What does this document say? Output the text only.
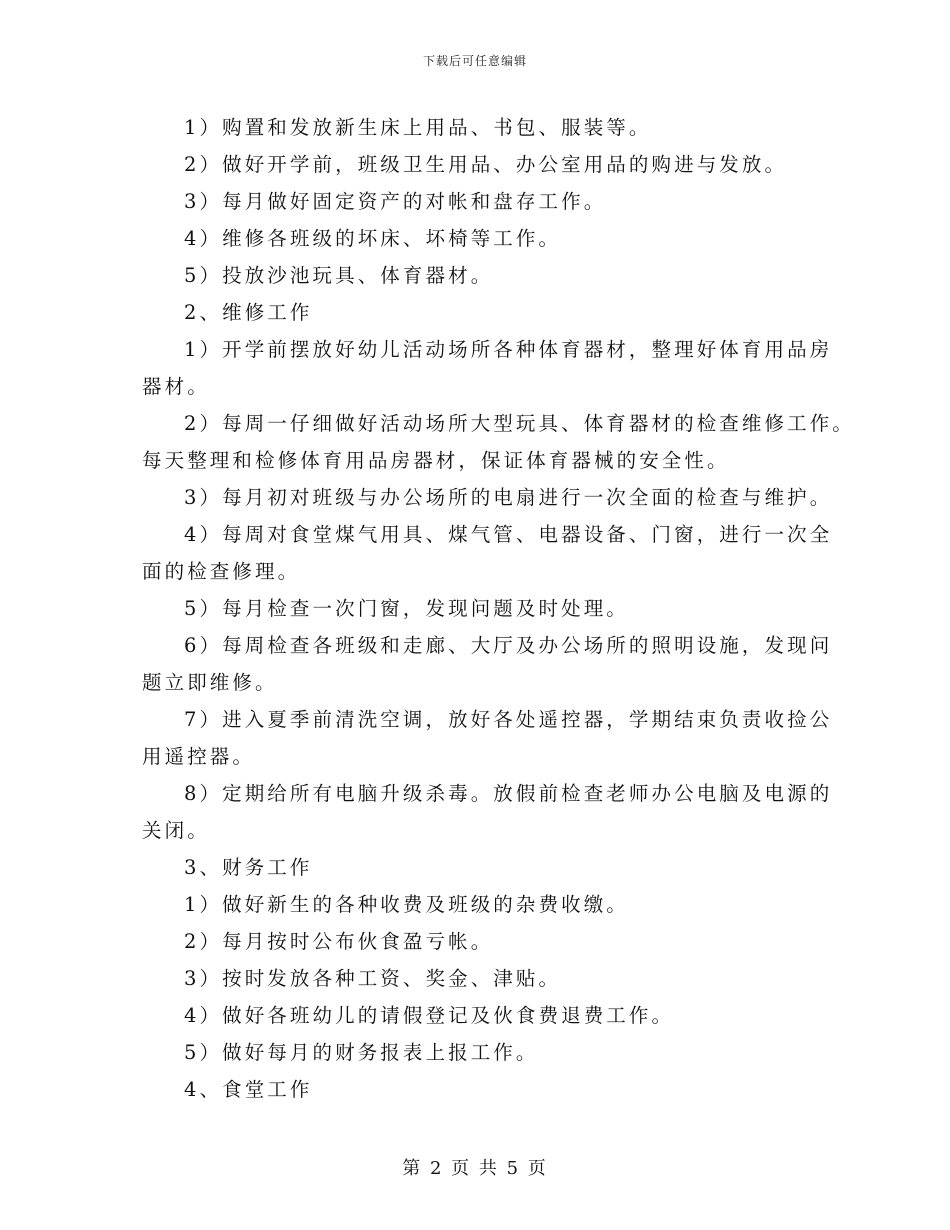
下载后可任意编辑
1）购置和发放新生床上用品、书包、服装等。
2）做好开学前，班级卫生用品、办公室用品的购进与发放。
3）每月做好固定资产的对帐和盘存工作。
4）维修各班级的坏床、坏椅等工作。
5）投放沙池玩具、体育器材。
2、维修工作
1）开学前摆放好幼儿活动场所各种体育器材，整理好体育用品房
器材。
2）每周一仔细做好活动场所大型玩具、体育器材的检查维修工作。
每天整理和检修体育用品房器材，保证体育器械的安全性。
3）每月初对班级与办公场所的电扇进行一次全面的检查与维护。
4）每周对食堂煤气用具、煤气管、电器设备、门窗，进行一次全
面的检查修理。
5）每月检查一次门窗，发现问题及时处理。
6）每周检查各班级和走廊、大厅及办公场所的照明设施，发现问
题立即维修。
7）进入夏季前清洗空调，放好各处遥控器，学期结束负责收捡公
用遥控器。
8）定期给所有电脑升级杀毒。放假前检查老师办公电脑及电源的
关闭。
3、财务工作
1）做好新生的各种收费及班级的杂费收缴。
2）每月按时公布伙食盈亏帐。
3）按时发放各种工资、奖金、津贴。
4）做好各班幼儿的请假登记及伙食费退费工作。
5）做好每月的财务报表上报工作。
4、食堂工作
第 2 页 共 5 页
